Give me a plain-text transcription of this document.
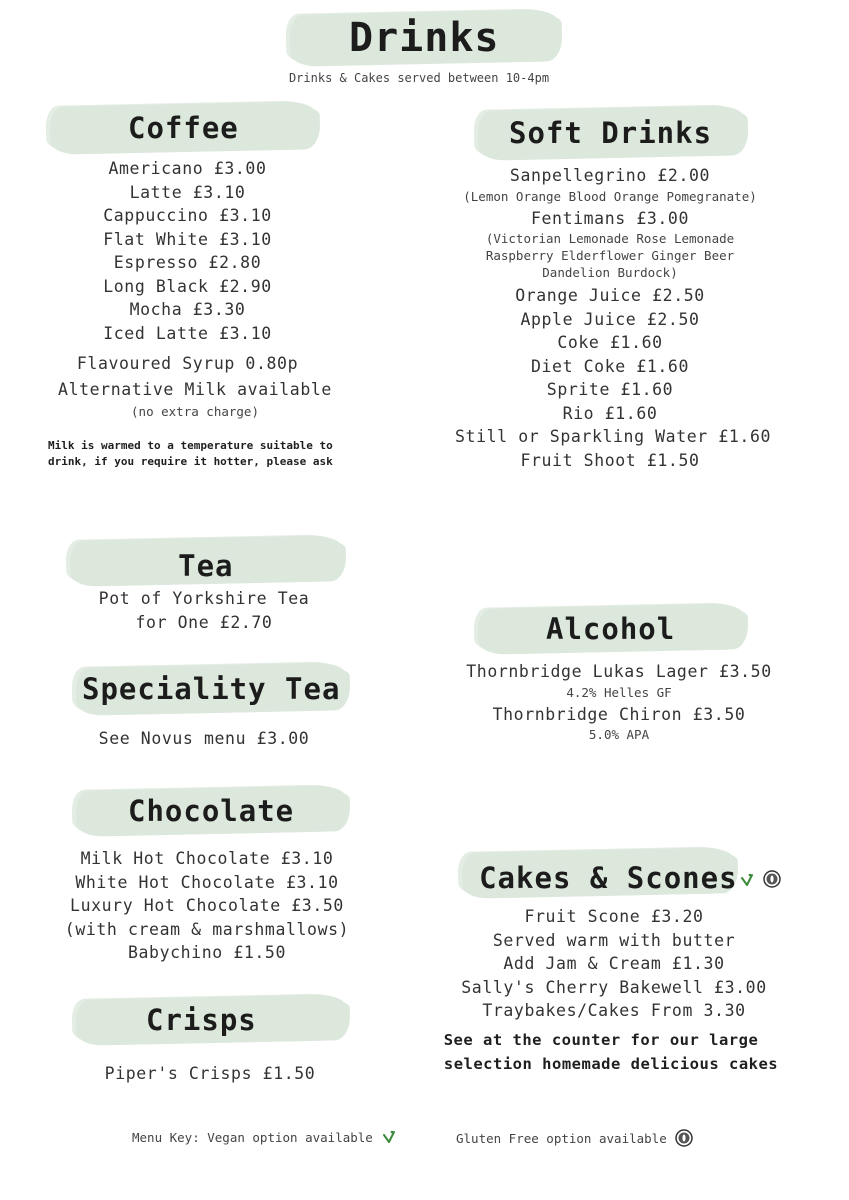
Drinks
Drinks & Cakes served between 10-4pm
Coffee
Americano £3.00
Latte £3.10
Cappuccino £3.10
Flat White £3.10
Espresso £2.80
Long Black £2.90
Mocha £3.30
Iced Latte £3.10
Flavoured Syrup 0.80p
Alternative Milk available
(no extra charge)
Milk is warmed to a temperature suitable to
drink, if you require it hotter, please ask
Soft Drinks
Sanpellegrino £2.00
(Lemon Orange Blood Orange Pomegranate)
Fentimans £3.00
(Victorian Lemonade Rose Lemonade
Raspberry Elderflower Ginger Beer
Dandelion Burdock)
Orange Juice £2.50
Apple Juice £2.50
Coke £1.60
Diet Coke £1.60
Sprite £1.60
Rio £1.60
Still or Sparkling Water £1.60
Fruit Shoot £1.50
Tea
Pot of Yorkshire Tea
for One £2.70
Speciality Tea
See Novus menu £3.00
Chocolate
Milk Hot Chocolate £3.10
White Hot Chocolate £3.10
Luxury Hot Chocolate £3.50
(with cream & marshmallows)
Babychino £1.50
Crisps
Piper's Crisps £1.50
Alcohol
Thornbridge Lukas Lager £3.50
4.2% Helles GF
Thornbridge Chiron £3.50
5.0% APA
Cakes & Scones
Fruit Scone £3.20
Served warm with butter
Add Jam & Cream £1.30
Sally's Cherry Bakewell £3.00
Traybakes/Cakes From 3.30
See at the counter for our large
selection homemade delicious cakes
Menu Key: Vegan option available	Gluten Free option available
